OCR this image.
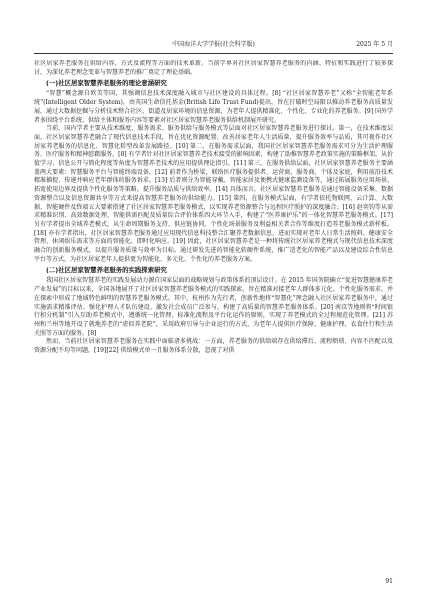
中国海洋大学学报(社会科学版)	2025 年 5 月

社区居家养老服务在供给内容、方式及流程等方面的技术革新。当前学界对社区居家智慧养老服务的内涵、特征和实践进行了较多探讨，为深化养老理念变革与智慧养老的推广奠定了理论基础。

(一)社区居家智慧养老服务的理论意涵研究

“智慧”概念源自欧美等国，其强调信息技术深度融入城市与社区建设的具体过程。[8] “社区居家智慧养老”又称“全智能老年系统”(Intelligent Older System)，由英国生命信托基金(British Life Trust Fund)提出，旨在打破时空局限以推动养老服务高质量发展，通过大数据挖掘与分析技术整合社区、街道及居家环境的信息资源，为老年人提供精准化、个性化、专业化的养老服务。[9] 国外学者多围绕平台系统、供给主体和服务内容等要素对社区居家智慧养老服务供给机制展开研究。

当前，国内学者主要从技术维度、服务需求、服务供给与服务模式等层面对社区居家智慧养老服务进行探讨。第一，在技术维度层面，社区居家智慧养老融合了现代信息技术手段，旨在优化资源配置、改善居家老年人生活质量，提升服务效率与品质，其可视作社区居家养老服务的信息化、智慧化转型改革发展路径。[10] 第二，在服务需求层面，我国社区居家智慧养老服务需求可分为生活护理服务、医疗服务和精神慰藉服务，[8] 有学者针对社区居家智慧养老技术接受的影响因素，构建了助推智慧养老政策实施的策略框架，从价值学习、信息公开与简化程度等角度为智慧养老技术的应用提供理论指引。[11] 第三，在服务供给层面，社区居家智慧养老服务主要涵盖两大要素：智慧服务平台与智能终端设备，[12] 前者作为桥梁，联络医疗服务提供者、运营商、服务商、个体及家庭，利用前沿技术精准捕捉、传递并响应老年群体的服务诉求。[13] 后者则分为智能穿戴、智能家居及便携式健康监测设备等，通过拓展服务应用场景、拓宽使用边界及提供个性化服务等策略，提升服务品质与供给效率。[14] 具体而言，社区居家智慧养老服务是通过智能设备采集、数据资源整合以及信息资源共享等方式来提高智慧养老服务的供给能力。[15] 第四，在服务模式层面，有学者依托物联网、云计算、大数据、智能硬件及终端五大要素搭建了社区居家智慧养老服务模式，以实现养老资源整合与远程医疗照护的深度融合；[16] 赵奕钧等从需求精准识别、高效数据处理、智能供需匹配及质量综合评价体系四大环节入手，构建了“医养康护乐”的一体化智慧养老服务模式。[17] 另有学者提出全域养老模式，从生命周期服务支持、供应链协同、个性化场景服务及利益相关者合作等维度打造养老服务模式新样板。[18] 亦有学者指出，社区居家智慧养老服务通过应用现代信息科技整合汇聚养老数据信息，进而实现对老年人日常生活照料、健康安全管理、休闲娱乐需求等方面的智能化、即时化响应。[19] 因此，社区居家智慧养老是一种将传统社区居家养老模式与现代信息技术深度融合的创新服务模式，以提升服务质量与效率为目标。通过研发先进的智能化软硬件系统，推广适老化的智能产品以及建设综合性信息平台等方式，为社区居家老年人提供更为智能化、多元化、个性化的养老服务方案。

(二)社区居家智慧养老服务的实践探索研究

我国社区居家智慧养老的实践发展动力源自国家层面的战略规划与政策体系的顶层设计。在 2015 年国务院确立“促进智慧健康养老产业发展”的目标以来，全国各地展开了社区居家智慧养老服务模式的实践探索，旨在精准对接老年人群体多元化、个性化服务需求，并在探索中形成了地域特色鲜明的智慧养老服务模式。其中，杭州作为先行者，创新性地将“智慧化”理念融入社区居家养老服务中，通过实施需求精准评估、强化护理人才队伍建设、激发社会成员广泛参与，构建了高质量的智慧养老服务体系。[20] 南京等地则将“时间银行积分机制”引入互助养老模式中，遵循统一化管理、标准化流程及平台化运作的原则，实现了养老模式的全过程规范化管理。[21] 苏州和兰州等地开设了就地养老的“虚拟养老院”，采用政府引导与企业运行的方式，为老年人提供医疗保障、健康护理、衣食住行和生活关照等方面的服务。[8]

然而，当前社区居家智慧养老服务在实践中面临诸多挑战：一方面，养老服务的供给端存在供给滞后、流程烦琐、内容不匹配以及资源分配不均等问题，[19][22] 供给模式单一且服务体系分散，忽视了对供

91
